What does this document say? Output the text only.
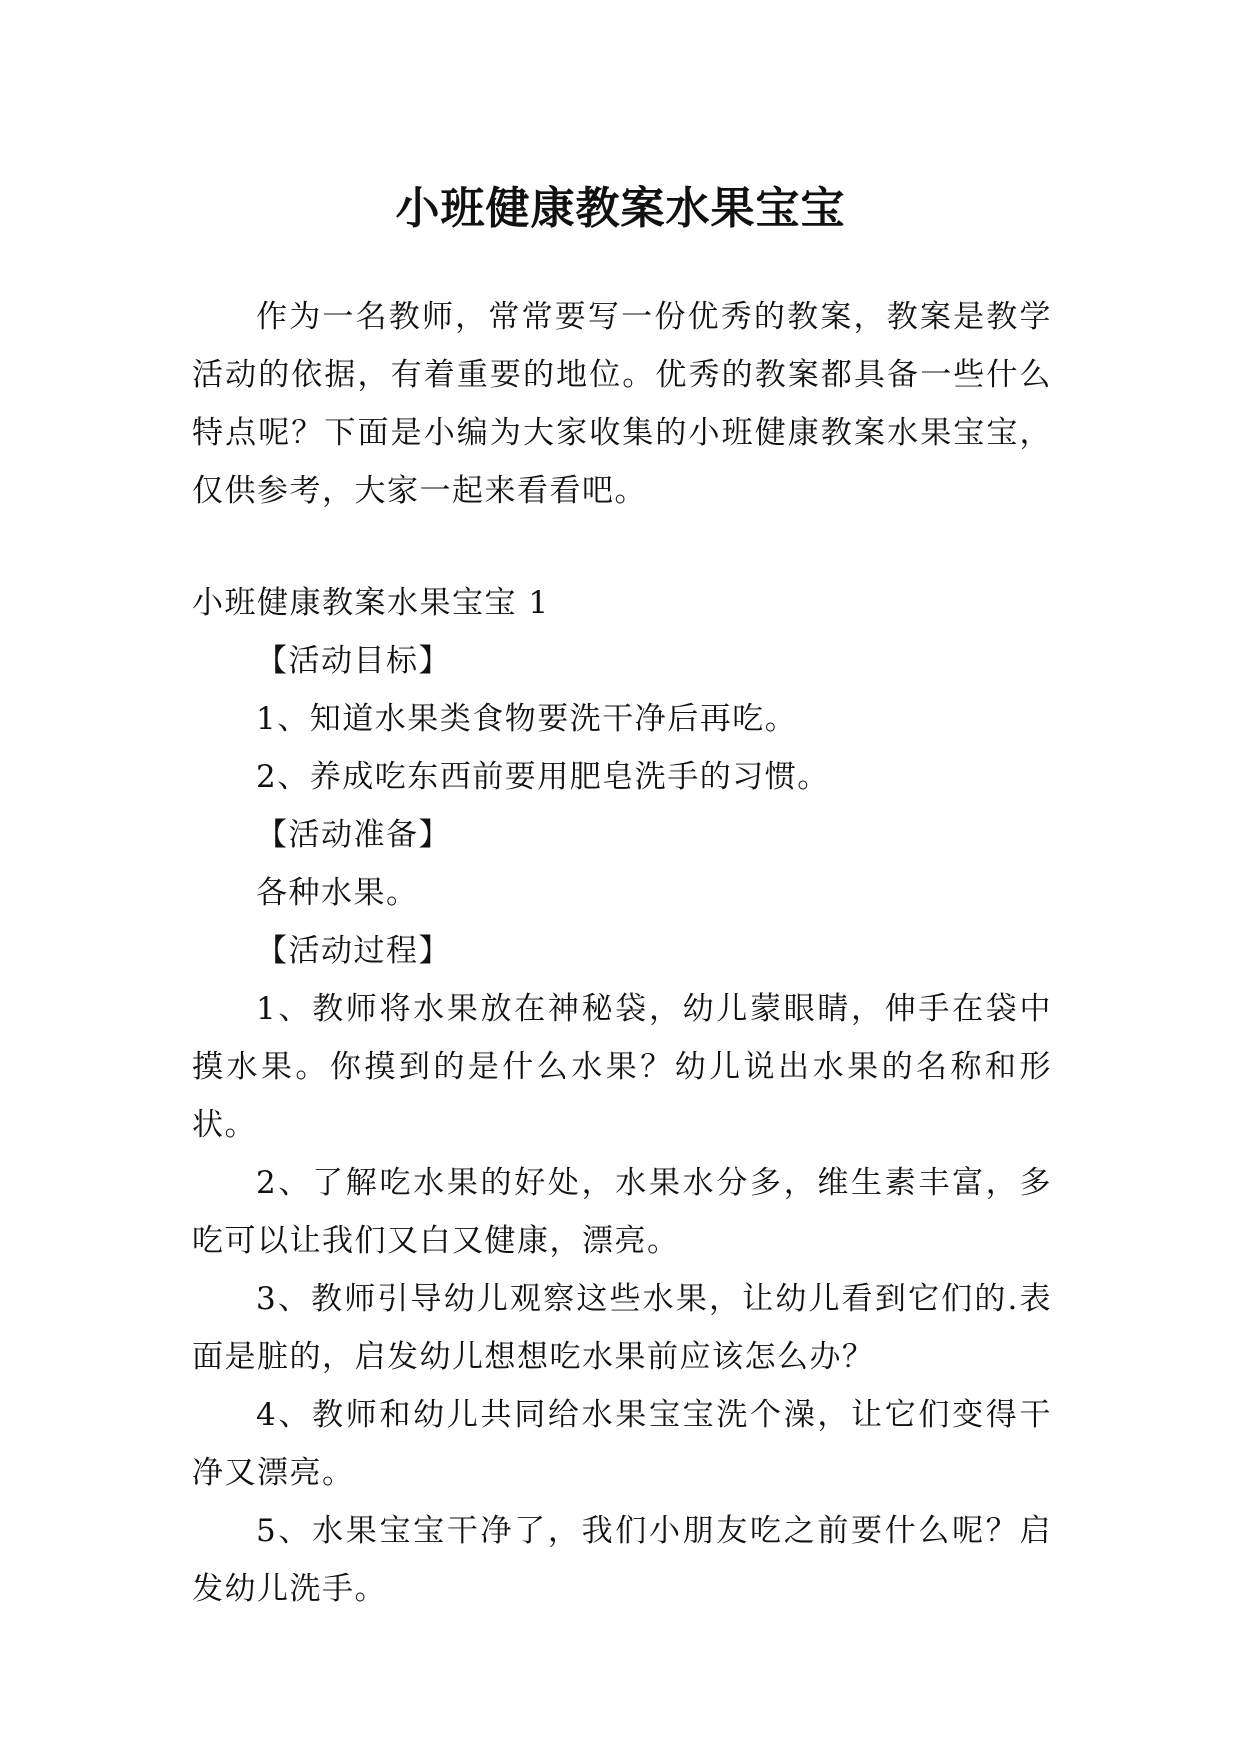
小班健康教案水果宝宝

作为一名教师，常常要写一份优秀的教案，教案是教学活动的依据，有着重要的地位。优秀的教案都具备一些什么特点呢？下面是小编为大家收集的小班健康教案水果宝宝，仅供参考，大家一起来看看吧。

小班健康教案水果宝宝 1

【活动目标】

1、知道水果类食物要洗干净后再吃。

2、养成吃东西前要用肥皂洗手的习惯。

【活动准备】

各种水果。

【活动过程】

1、教师将水果放在神秘袋，幼儿蒙眼睛，伸手在袋中摸水果。你摸到的是什么水果？幼儿说出水果的名称和形状。

2、了解吃水果的好处，水果水分多，维生素丰富，多吃可以让我们又白又健康，漂亮。

3、教师引导幼儿观察这些水果，让幼儿看到它们的.表面是脏的，启发幼儿想想吃水果前应该怎么办？

4、教师和幼儿共同给水果宝宝洗个澡，让它们变得干净又漂亮。

5、水果宝宝干净了，我们小朋友吃之前要什么呢？启发幼儿洗手。
